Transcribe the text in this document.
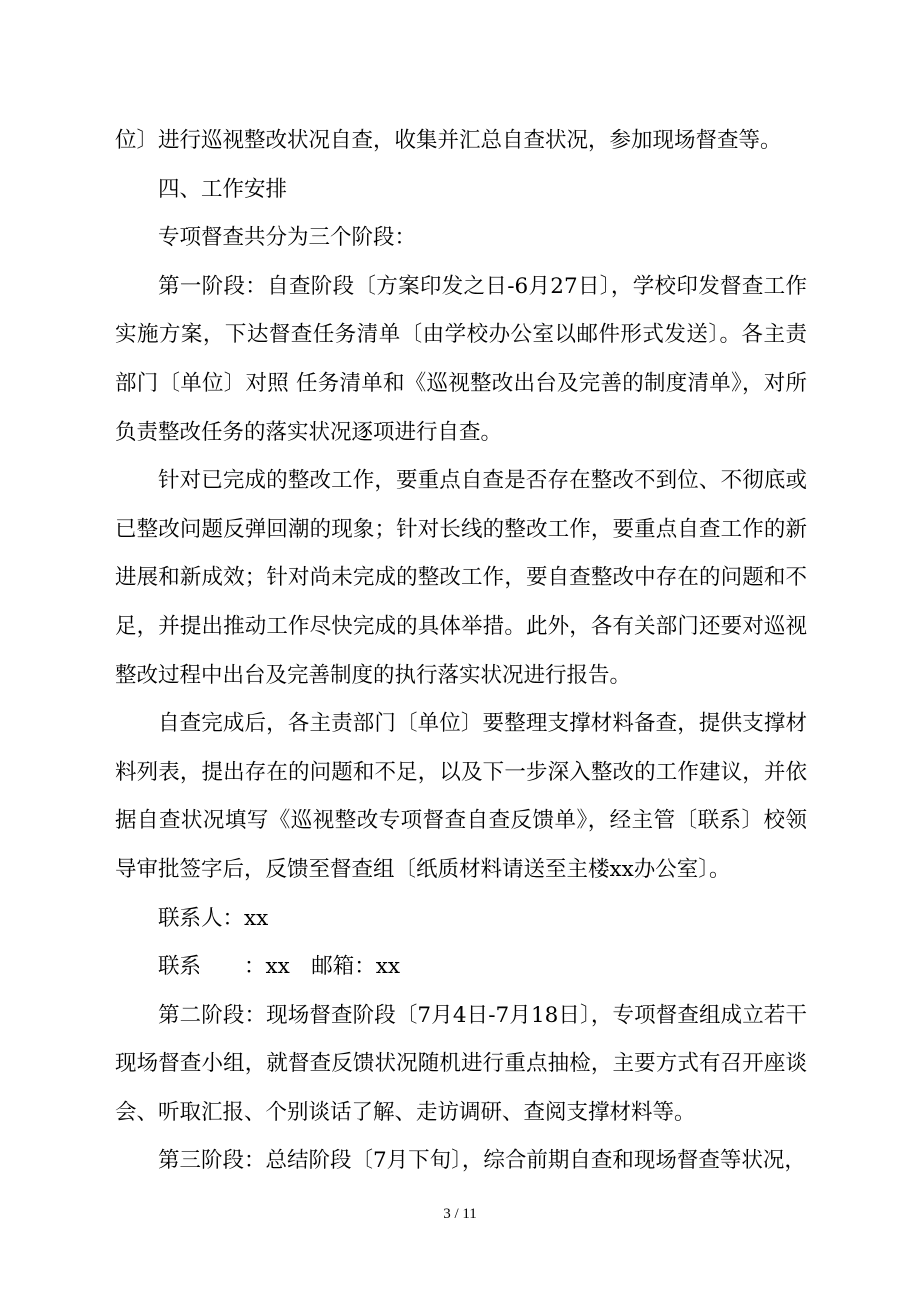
位〕进行巡视整改状况自查，收集并汇总自查状况，参加现场督查等。

四、工作安排

专项督查共分为三个阶段：

第一阶段：自查阶段〔方案印发之日-6月27日〕，学校印发督查工作实施方案，下达督查任务清单〔由学校办公室以邮件形式发送〕。各主责部门〔单位〕对照 任务清单和《巡视整改出台及完善的制度清单》，对所负责整改任务的落实状况逐项进行自查。

针对已完成的整改工作，要重点自查是否存在整改不到位、不彻底或已整改问题反弹回潮的现象；针对长线的整改工作，要重点自查工作的新进展和新成效；针对尚未完成的整改工作，要自查整改中存在的问题和不足，并提出推动工作尽快完成的具体举措。此外，各有关部门还要对巡视整改过程中出台及完善制度的执行落实状况进行报告。

自查完成后，各主责部门〔单位〕要整理支撑材料备查，提供支撑材料列表，提出存在的问题和不足，以及下一步深入整改的工作建议，并依据自查状况填写《巡视整改专项督查自查反馈单》，经主管〔联系〕校领导审批签字后，反馈至督查组〔纸质材料请送至主楼xx办公室〕。

联系人：xx

联系　　：xx　邮箱：xx

第二阶段：现场督查阶段〔7月4日-7月18日〕，专项督查组成立若干现场督查小组，就督查反馈状况随机进行重点抽检，主要方式有召开座谈会、听取汇报、个别谈话了解、走访调研、查阅支撑材料等。

第三阶段：总结阶段〔7月下旬〕，综合前期自查和现场督查等状况，

3 / 11
